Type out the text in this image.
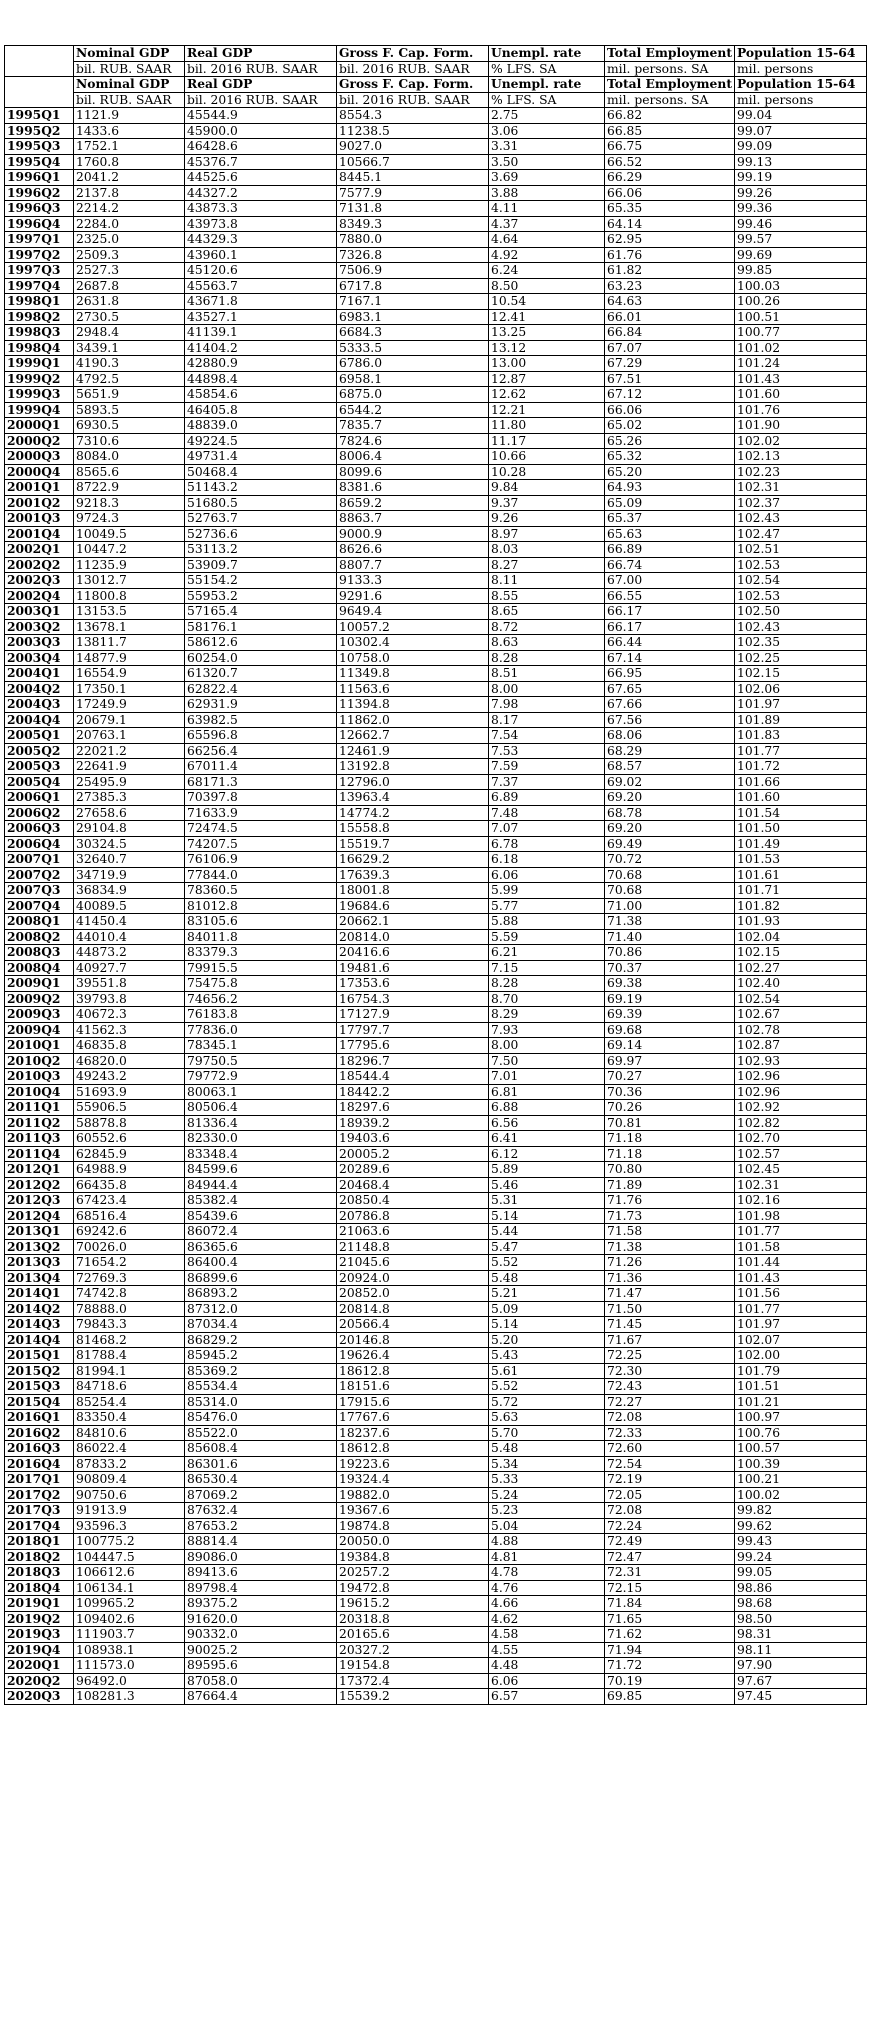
	Nominal GDP	Real GDP	Gross F. Cap. Form.	Unempl. rate	Total Employment	Population 15-64
	bil. RUB. SAAR	bil. 2016 RUB. SAAR	bil. 2016 RUB. SAAR	% LFS. SA	mil. persons. SA	mil. persons
	Nominal GDP	Real GDP	Gross F. Cap. Form.	Unempl. rate	Total Employment	Population 15-64
	bil. RUB. SAAR	bil. 2016 RUB. SAAR	bil. 2016 RUB. SAAR	% LFS. SA	mil. persons. SA	mil. persons
1995Q1	1121.9	45544.9	8554.3	2.75	66.82	99.04
1995Q2	1433.6	45900.0	11238.5	3.06	66.85	99.07
1995Q3	1752.1	46428.6	9027.0	3.31	66.75	99.09
1995Q4	1760.8	45376.7	10566.7	3.50	66.52	99.13
1996Q1	2041.2	44525.6	8445.1	3.69	66.29	99.19
1996Q2	2137.8	44327.2	7577.9	3.88	66.06	99.26
1996Q3	2214.2	43873.3	7131.8	4.11	65.35	99.36
1996Q4	2284.0	43973.8	8349.3	4.37	64.14	99.46
1997Q1	2325.0	44329.3	7880.0	4.64	62.95	99.57
1997Q2	2509.3	43960.1	7326.8	4.92	61.76	99.69
1997Q3	2527.3	45120.6	7506.9	6.24	61.82	99.85
1997Q4	2687.8	45563.7	6717.8	8.50	63.23	100.03
1998Q1	2631.8	43671.8	7167.1	10.54	64.63	100.26
1998Q2	2730.5	43527.1	6983.1	12.41	66.01	100.51
1998Q3	2948.4	41139.1	6684.3	13.25	66.84	100.77
1998Q4	3439.1	41404.2	5333.5	13.12	67.07	101.02
1999Q1	4190.3	42880.9	6786.0	13.00	67.29	101.24
1999Q2	4792.5	44898.4	6958.1	12.87	67.51	101.43
1999Q3	5651.9	45854.6	6875.0	12.62	67.12	101.60
1999Q4	5893.5	46405.8	6544.2	12.21	66.06	101.76
2000Q1	6930.5	48839.0	7835.7	11.80	65.02	101.90
2000Q2	7310.6	49224.5	7824.6	11.17	65.26	102.02
2000Q3	8084.0	49731.4	8006.4	10.66	65.32	102.13
2000Q4	8565.6	50468.4	8099.6	10.28	65.20	102.23
2001Q1	8722.9	51143.2	8381.6	9.84	64.93	102.31
2001Q2	9218.3	51680.5	8659.2	9.37	65.09	102.37
2001Q3	9724.3	52763.7	8863.7	9.26	65.37	102.43
2001Q4	10049.5	52736.6	9000.9	8.97	65.63	102.47
2002Q1	10447.2	53113.2	8626.6	8.03	66.89	102.51
2002Q2	11235.9	53909.7	8807.7	8.27	66.74	102.53
2002Q3	13012.7	55154.2	9133.3	8.11	67.00	102.54
2002Q4	11800.8	55953.2	9291.6	8.55	66.55	102.53
2003Q1	13153.5	57165.4	9649.4	8.65	66.17	102.50
2003Q2	13678.1	58176.1	10057.2	8.72	66.17	102.43
2003Q3	13811.7	58612.6	10302.4	8.63	66.44	102.35
2003Q4	14877.9	60254.0	10758.0	8.28	67.14	102.25
2004Q1	16554.9	61320.7	11349.8	8.51	66.95	102.15
2004Q2	17350.1	62822.4	11563.6	8.00	67.65	102.06
2004Q3	17249.9	62931.9	11394.8	7.98	67.66	101.97
2004Q4	20679.1	63982.5	11862.0	8.17	67.56	101.89
2005Q1	20763.1	65596.8	12662.7	7.54	68.06	101.83
2005Q2	22021.2	66256.4	12461.9	7.53	68.29	101.77
2005Q3	22641.9	67011.4	13192.8	7.59	68.57	101.72
2005Q4	25495.9	68171.3	12796.0	7.37	69.02	101.66
2006Q1	27385.3	70397.8	13963.4	6.89	69.20	101.60
2006Q2	27658.6	71633.9	14774.2	7.48	68.78	101.54
2006Q3	29104.8	72474.5	15558.8	7.07	69.20	101.50
2006Q4	30324.5	74207.5	15519.7	6.78	69.49	101.49
2007Q1	32640.7	76106.9	16629.2	6.18	70.72	101.53
2007Q2	34719.9	77844.0	17639.3	6.06	70.68	101.61
2007Q3	36834.9	78360.5	18001.8	5.99	70.68	101.71
2007Q4	40089.5	81012.8	19684.6	5.77	71.00	101.82
2008Q1	41450.4	83105.6	20662.1	5.88	71.38	101.93
2008Q2	44010.4	84011.8	20814.0	5.59	71.40	102.04
2008Q3	44873.2	83379.3	20416.6	6.21	70.86	102.15
2008Q4	40927.7	79915.5	19481.6	7.15	70.37	102.27
2009Q1	39551.8	75475.8	17353.6	8.28	69.38	102.40
2009Q2	39793.8	74656.2	16754.3	8.70	69.19	102.54
2009Q3	40672.3	76183.8	17127.9	8.29	69.39	102.67
2009Q4	41562.3	77836.0	17797.7	7.93	69.68	102.78
2010Q1	46835.8	78345.1	17795.6	8.00	69.14	102.87
2010Q2	46820.0	79750.5	18296.7	7.50	69.97	102.93
2010Q3	49243.2	79772.9	18544.4	7.01	70.27	102.96
2010Q4	51693.9	80063.1	18442.2	6.81	70.36	102.96
2011Q1	55906.5	80506.4	18297.6	6.88	70.26	102.92
2011Q2	58878.8	81336.4	18939.2	6.56	70.81	102.82
2011Q3	60552.6	82330.0	19403.6	6.41	71.18	102.70
2011Q4	62845.9	83348.4	20005.2	6.12	71.18	102.57
2012Q1	64988.9	84599.6	20289.6	5.89	70.80	102.45
2012Q2	66435.8	84944.4	20468.4	5.46	71.89	102.31
2012Q3	67423.4	85382.4	20850.4	5.31	71.76	102.16
2012Q4	68516.4	85439.6	20786.8	5.14	71.73	101.98
2013Q1	69242.6	86072.4	21063.6	5.44	71.58	101.77
2013Q2	70026.0	86365.6	21148.8	5.47	71.38	101.58
2013Q3	71654.2	86400.4	21045.6	5.52	71.26	101.44
2013Q4	72769.3	86899.6	20924.0	5.48	71.36	101.43
2014Q1	74742.8	86893.2	20852.0	5.21	71.47	101.56
2014Q2	78888.0	87312.0	20814.8	5.09	71.50	101.77
2014Q3	79843.3	87034.4	20566.4	5.14	71.45	101.97
2014Q4	81468.2	86829.2	20146.8	5.20	71.67	102.07
2015Q1	81788.4	85945.2	19626.4	5.43	72.25	102.00
2015Q2	81994.1	85369.2	18612.8	5.61	72.30	101.79
2015Q3	84718.6	85534.4	18151.6	5.52	72.43	101.51
2015Q4	85254.4	85314.0	17915.6	5.72	72.27	101.21
2016Q1	83350.4	85476.0	17767.6	5.63	72.08	100.97
2016Q2	84810.6	85522.0	18237.6	5.70	72.33	100.76
2016Q3	86022.4	85608.4	18612.8	5.48	72.60	100.57
2016Q4	87833.2	86301.6	19223.6	5.34	72.54	100.39
2017Q1	90809.4	86530.4	19324.4	5.33	72.19	100.21
2017Q2	90750.6	87069.2	19882.0	5.24	72.05	100.02
2017Q3	91913.9	87632.4	19367.6	5.23	72.08	99.82
2017Q4	93596.3	87653.2	19874.8	5.04	72.24	99.62
2018Q1	100775.2	88814.4	20050.0	4.88	72.49	99.43
2018Q2	104447.5	89086.0	19384.8	4.81	72.47	99.24
2018Q3	106612.6	89413.6	20257.2	4.78	72.31	99.05
2018Q4	106134.1	89798.4	19472.8	4.76	72.15	98.86
2019Q1	109965.2	89375.2	19615.2	4.66	71.84	98.68
2019Q2	109402.6	91620.0	20318.8	4.62	71.65	98.50
2019Q3	111903.7	90332.0	20165.6	4.58	71.62	98.31
2019Q4	108938.1	90025.2	20327.2	4.55	71.94	98.11
2020Q1	111573.0	89595.6	19154.8	4.48	71.72	97.90
2020Q2	96492.0	87058.0	17372.4	6.06	70.19	97.67
2020Q3	108281.3	87664.4	15539.2	6.57	69.85	97.45
